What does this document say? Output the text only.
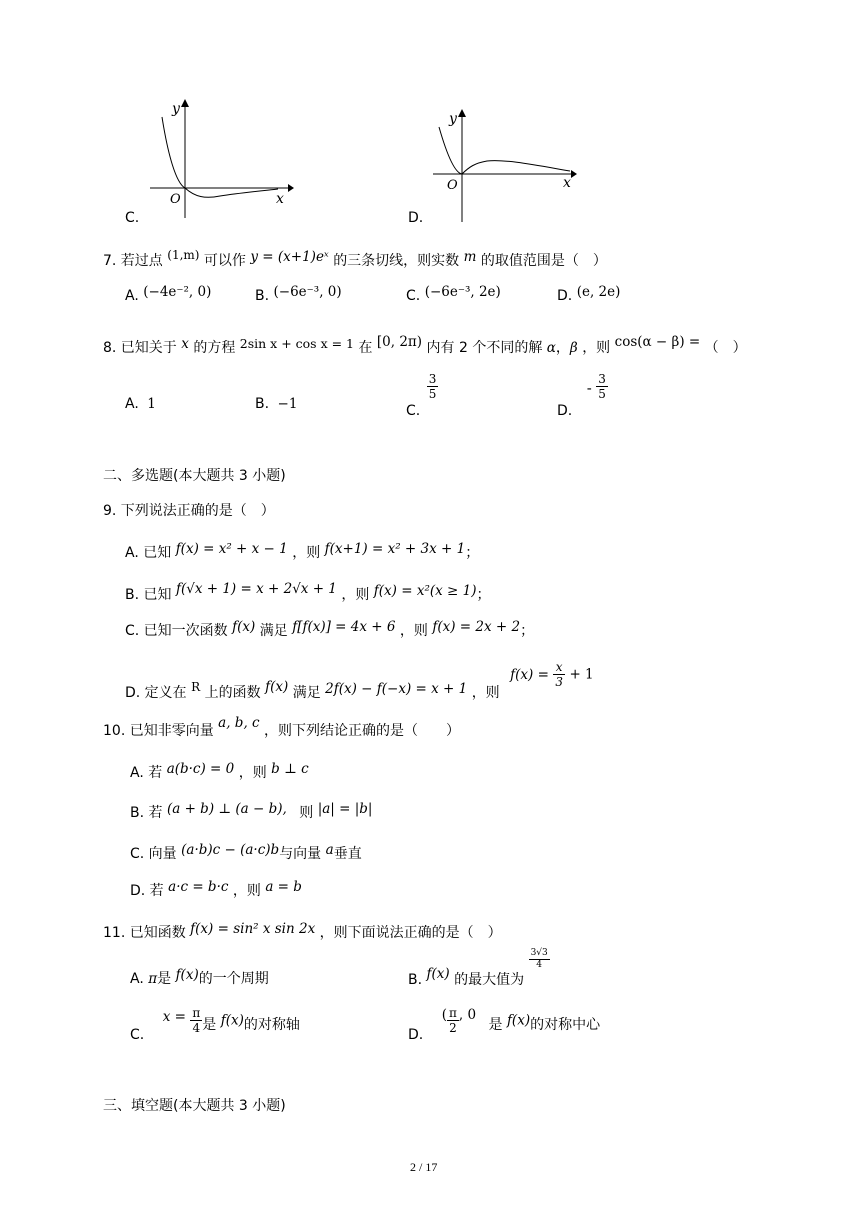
y
x
O
C.
y
x
O
D.
7. 若过点 (1,m) 可以作 y = (x+1)eˣ 的三条切线，则实数 m 的取值范围是（　）
A. (−4e⁻², 0)	B. (−6e⁻³, 0)	C. (−6e⁻³, 2e)	D. (e, 2e)
8. 已知关于 x 的方程 2sin x + cos x = 1 在 [0, 2π) 内有 2 个不同的解 α，β ，则 cos(α − β) = （　）
A. 1	B. −1	C.
$\frac{3}{5}$
D. - $\frac{3}{5}$
二、多选题(本大题共 3 小题)
9. 下列说法正确的是（　）
A. 已知 f(x) = x² + x − 1 ，则 f(x+1) = x² + 3x + 1；
B. 已知 f(√x + 1) = x + 2√x + 1 ，则 f(x) = x²(x ≥ 1)；
C. 已知一次函数 f(x) 满足 f[f(x)] = 4x + 6 ，则 f(x) = 2x + 2；
D. 定义在 R 上的函数 f(x) 满足 2f(x) − f(−x) = x + 1 ，则 $f(x) = \frac{x}{3} + 1$
10. 已知非零向量 a, b, c ，则下列结论正确的是（　　）
A. 若 a(b·c) = 0 ，则 b ⊥ c
B. 若 (a + b) ⊥ (a − b), 则 |a| = |b|
C. 向量 (a·b)c − (a·c)b与向量 a垂直
D. 若 a·c = b·c ，则 a = b
11. 已知函数 f(x) = sin² x sin 2x ，则下面说法正确的是（　）
A. π是 f(x)的一个周期	B. f(x) 的最大值为
$\frac{3√3}{4}$
C. $x = \frac{\pi}{4}$ 是 f(x)的对称轴
D. ( $\frac{\pi}{2}$ , 0 是 f(x)的对称中心
三、填空题(本大题共 3 小题)
2 / 17
